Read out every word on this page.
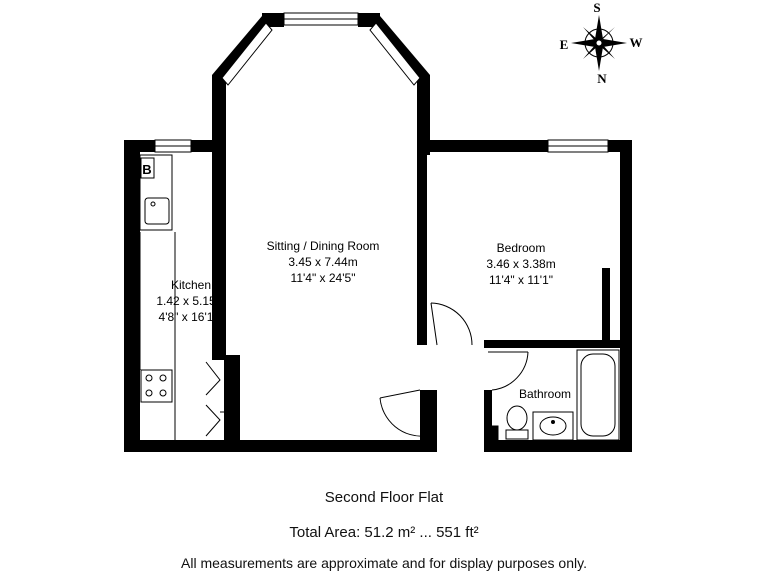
Sitting / Dining Room
3.45 x 7.44m
11'4" x 24'5"
Bedroom
3.46 x 3.38m
11'4" x 11'1"
Kitchen
1.42 x 5.15m
4'8" x 16'11"
Bathroom
B
S
N
E	W
Second Floor Flat
Total Area: 51.2 m² ... 551 ft²
All measurements are approximate and for display purposes only.
